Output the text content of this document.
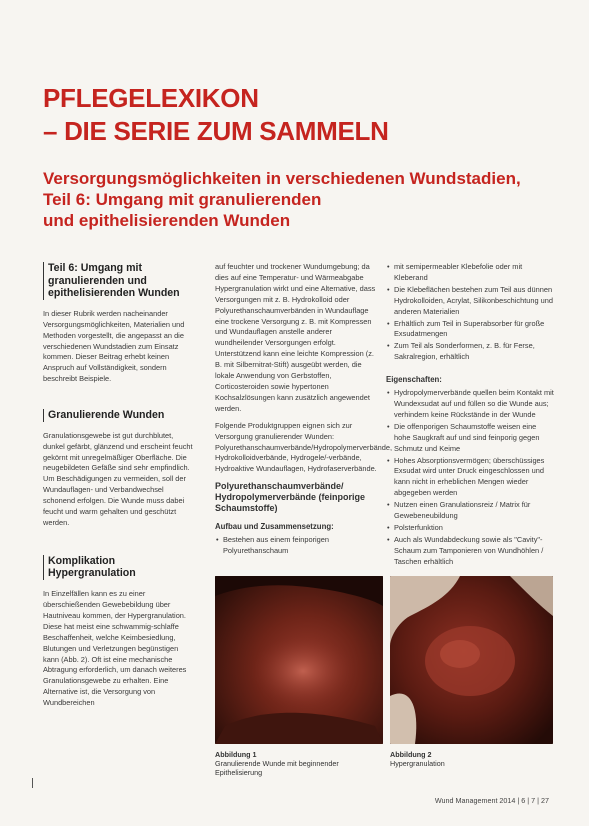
PFLEGELEXIKON
– DIE SERIE ZUM SAMMELN
Versorgungsmöglichkeiten in verschiedenen Wundstadien,
Teil 6: Umgang mit granulierenden
und epithelisierenden Wunden
Teil 6: Umgang mit granulierenden und epithelisierenden Wunden

In dieser Rubrik werden nacheinander Versorgungsmöglichkeiten, Materialien und Methoden vorgestellt, die angepasst an die verschiedenen Wundstadien zum Einsatz kommen. Dieser Beitrag erhebt keinen Anspruch auf Vollständigkeit, sondern beschreibt Beispiele.

Granulierende Wunden

Granulationsgewebe ist gut durchblutet, dunkel gefärbt, glänzend und erscheint feucht gekörnt mit unregelmäßiger Oberfläche. Die neugebildeten Gefäße sind sehr empfindlich. Um Beschädigungen zu vermeiden, soll der Wundauflagen- und Verbandwechsel schonend erfolgen. Die Wunde muss dabei feucht und warm gehalten und geschützt werden.

Komplikation Hypergranulation

In Einzelfällen kann es zu einer überschießenden Gewebebildung über Hautniveau kommen, der Hypergranulation. Diese hat meist eine schwammig-schlaffe Beschaffenheit, welche Keimbesiedlung, Blutungen und Verletzungen begünstigen kann (Abb. 2). Oft ist eine mechanische Abtragung erforderlich, um danach weiteres Granulationsgewebe zu erhalten. Eine Alternative ist, die Versorgung von Wundbereichen

auf feuchter und trockener Wundumgebung; da dies auf eine Temperatur- und Wärmeabgabe Hypergranulation wirkt und eine Alternative, dass Versorgungen mit z. B. Hydrokolloid oder Polyurethanschaumverbänden in Wundauflage eine trockene Versorgung z. B. mit Kompressen und Wundauflagen anstelle anderer wundheilender Versorgungen erfolgt. Unterstützend kann eine leichte Kompression (z. B. mit Silbernitrat-Stift) ausgeübt werden, die lokale Anwendung von Gerbstoffen, Corticosteroiden sowie hypertonen Kochsalzlösungen kann zusätzlich angewendet werden.

Folgende Produktgruppen eignen sich zur Versorgung granulierender Wunden: Polyurethanschaumverbände/Hydropolymerverbände, Hydrokolloidverbände, Hydrogele/-verbände, Hydroaktive Wundauflagen, Hydrofaserverbände.

Polyurethanschaumverbände/ Hydropolymerverbände (feinporige Schaumstoffe)
Aufbau und Zusammensetzung:
• Bestehen aus einem feinporigen Polyurethanschaum
• mit semipermeabler Klebefolie oder mit Kleberand
• Die Klebeflächen bestehen zum Teil aus dünnen Hydrokolloiden, Acrylat, Silikonbeschichtung und anderen Materialien
• Erhältlich zum Teil in Superabsorber für große Exsudatmengen
• Zum Teil als Sonderformen, z. B. für Ferse, Sakralregion, erhältlich
Eigenschaften:
• Hydropolymerverbände quellen beim Kontakt mit Wundexsudat auf und füllen so die Wunde aus; verhindern keine Rückstände in der Wunde
• Die offenporigen Schaumstoffe weisen eine hohe Saugkraft auf und sind feinporig gegen Schmutz und Keime
• Hohes Absorptionsvermögen; überschüssiges Exsudat wird unter Druck eingeschlossen und kann nicht in erheblichen Mengen wieder abgegeben werden
• Nutzen einen Granulationsreiz / Matrix für Gewebeneubildung
• Polsterfunktion
• Auch als Wundabdeckung sowie als "Cavity"-Schaum zum Tamponieren von Wundhöhlen / Taschen erhältlich
Abbildung 1
Granulierende Wunde mit beginnender Epithelisierung
Abbildung 2
Hypergranulation
Wund Management 2014 | 6 | 7 | 27
